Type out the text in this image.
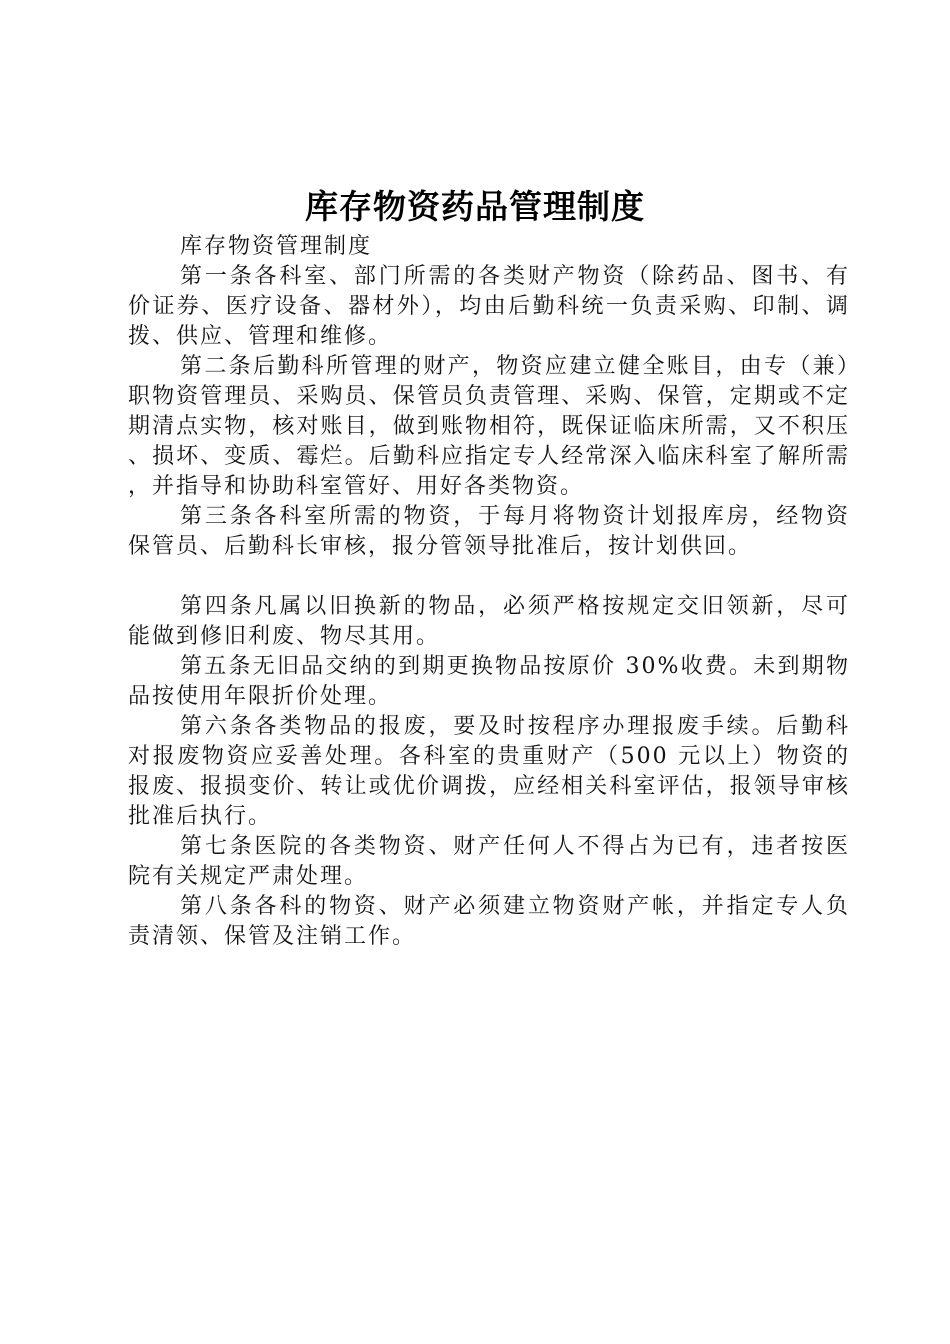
库存物资药品管理制度

库存物资管理制度

第一条各科室、部门所需的各类财产物资（除药品、图书、有价证券、医疗设备、器材外），均由后勤科统一负责采购、印制、调拨、供应、管理和维修。

第二条后勤科所管理的财产，物资应建立健全账目，由专（兼）职物资管理员、采购员、保管员负责管理、采购、保管，定期或不定期清点实物，核对账目，做到账物相符，既保证临床所需，又不积压、损坏、变质、霉烂。后勤科应指定专人经常深入临床科室了解所需，并指导和协助科室管好、用好各类物资。

第三条各科室所需的物资，于每月将物资计划报库房，经物资保管员、后勤科长审核，报分管领导批准后，按计划供回。

第四条凡属以旧换新的物品，必须严格按规定交旧领新，尽可能做到修旧利废、物尽其用。

第五条无旧品交纳的到期更换物品按原价 30%收费。未到期物品按使用年限折价处理。

第六条各类物品的报废，要及时按程序办理报废手续。后勤科对报废物资应妥善处理。各科室的贵重财产（500 元以上）物资的报废、报损变价、转让或优价调拨，应经相关科室评估，报领导审核批准后执行。

第七条医院的各类物资、财产任何人不得占为已有，违者按医院有关规定严肃处理。

第八条各科的物资、财产必须建立物资财产帐，并指定专人负责清领、保管及注销工作。
